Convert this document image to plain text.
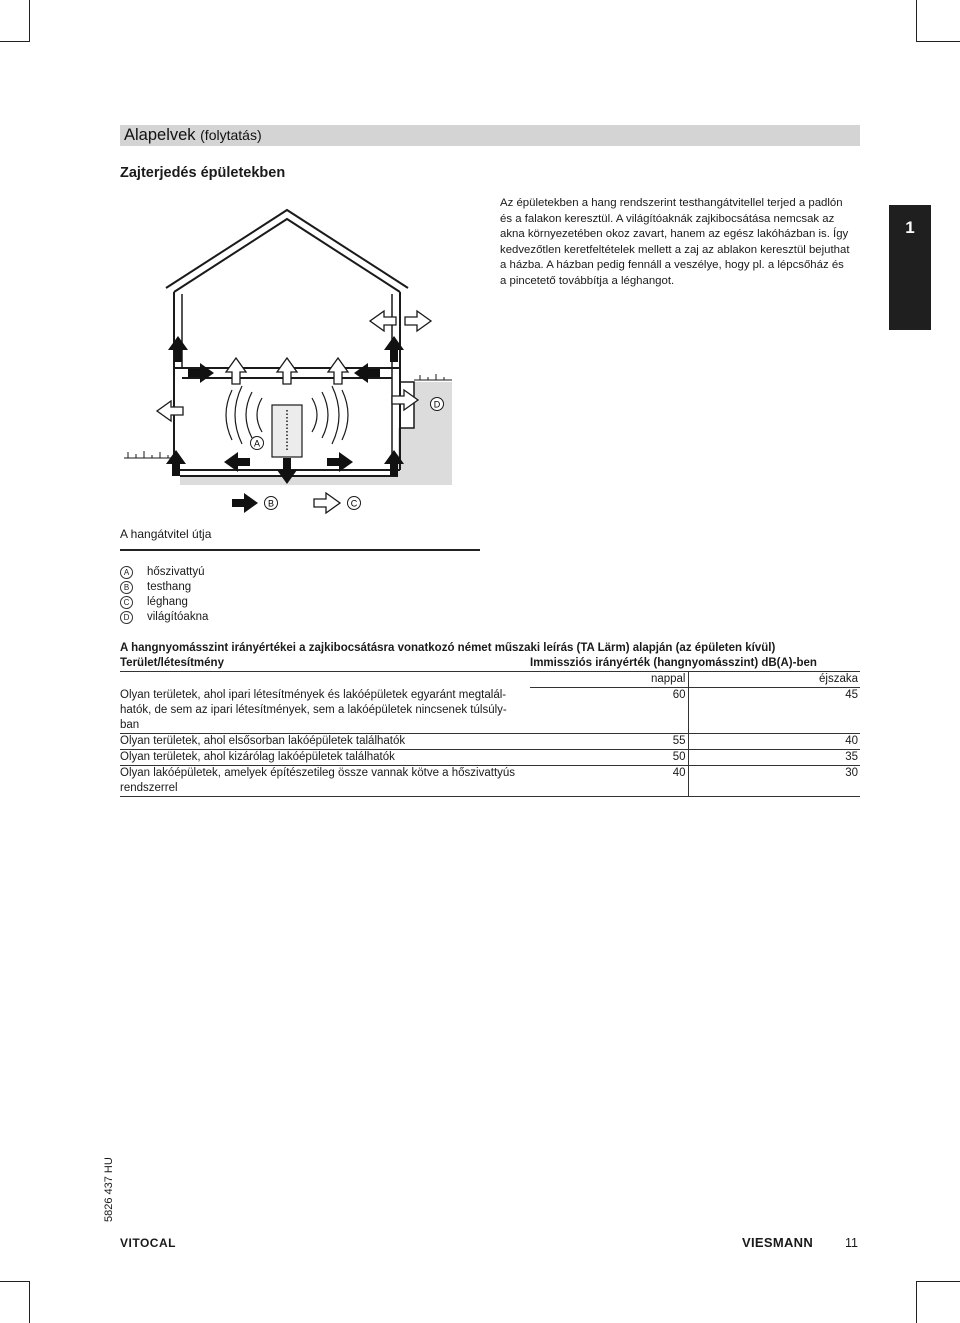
Alapelvek (folytatás)
Zajterjedés épületekben
Az épületekben a hang rendszerint testhangátvitellel terjed a padlón
és a falakon keresztül. A világítóaknák zajkibocsátása nemcsak az
akna környezetében okoz zavart, hanem az egész lakóházban is. Így
kedvezőtlen keretfeltételek mellett a zaj az ablakon keresztül bejuthat
a házba. A házban pedig fennáll a veszélye, hogy pl. a lépcsőház és
a pincetető továbbítja a léghangot.
1
A
B	C
D
A hangátvitel útja
A	hőszivattyú
B	testhang
C	léghang
D	világítóakna
A hangnyomásszint irányértékei a zajkibocsátásra vonatkozó német műszaki leírás (TA Lärm) alapján (az épületen kívül)
Terület/létesítmény	Immissziós irányérték (hangnyomásszint) dB(A)-ben	
	nappal	éjszaka

Olyan területek, ahol ipari létesítmények és lakóépületek egyaránt megtalál-
hatók, de sem az ipari létesítmények, sem a lakóépületek nincsenek túlsúly-
ban	60	45

Olyan területek, ahol elsősorban lakóépületek találhatók	55	40

Olyan területek, ahol kizárólag lakóépületek találhatók	50	35

Olyan lakóépületek, amelyek építészetileg össze vannak kötve a hőszivattyús
rendszerrel	40	30
5826 437 HU
VITOCAL	VIESMANN	11
